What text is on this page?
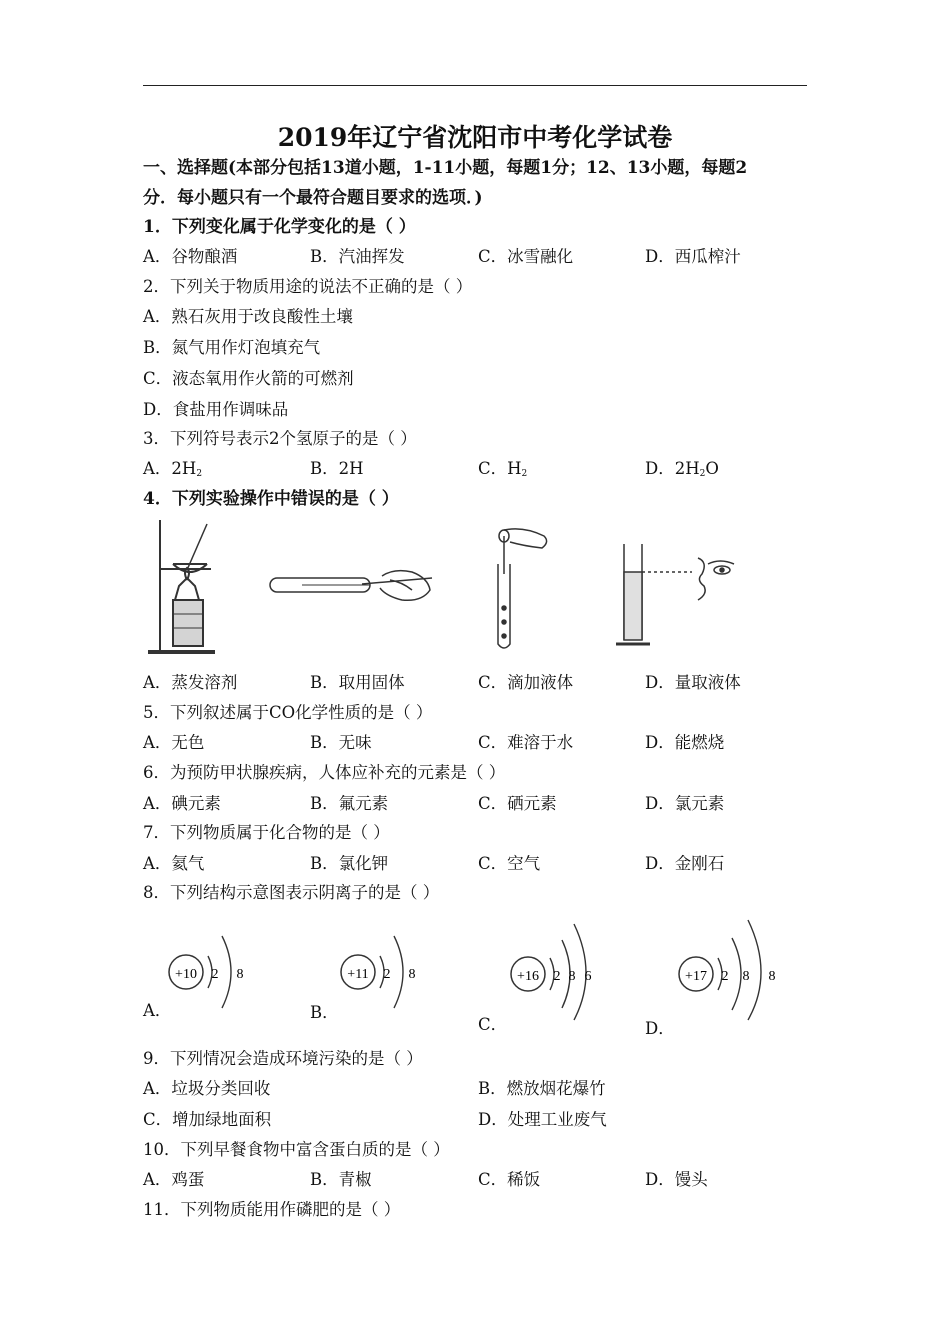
2019年辽宁省沈阳市中考化学试卷
一、选择题(本部分包括13道小题，1-11小题，每题1分；12、13小题，每题2
分．每小题只有一个最符合题目要求的选项．)
1．下列变化属于化学变化的是（ ）
A．谷物酿酒	B．汽油挥发	C．冰雪融化	D．西瓜榨汁
2．下列关于物质用途的说法不正确的是（ ）
A．熟石灰用于改良酸性土壤
B．氮气用作灯泡填充气
C．液态氧用作火箭的可燃剂
D．食盐用作调味品
3．下列符号表示2个氢原子的是（ ）
A．$2H_2$	B．2H	C．$H_2$	D．$2H_2O$
4．下列实验操作中错误的是（ ）
A．蒸发溶剂	B．取用固体	C．滴加液体	D．量取液体
5．下列叙述属于CO化学性质的是（ ）
A．无色	B．无味	C．难溶于水	D．能燃烧
6．为预防甲状腺疾病，人体应补充的元素是（ ）
A．碘元素	B．氟元素	C．硒元素	D．氯元素
7．下列物质属于化合物的是（ ）
A．氦气	B．氯化钾	C．空气	D．金刚石
8．下列结构示意图表示阴离子的是（ ）
+10 2 8
A．
+11 2 8
B．
+16 2 8 6
C．
+17 2 8 8
D．
9．下列情况会造成环境污染的是（ ）
A．垃圾分类回收	B．燃放烟花爆竹
C．增加绿地面积	D．处理工业废气
10．下列早餐食物中富含蛋白质的是（ ）
A．鸡蛋	B．青椒	C．稀饭	D．馒头
11．下列物质能用作磷肥的是（ ）
